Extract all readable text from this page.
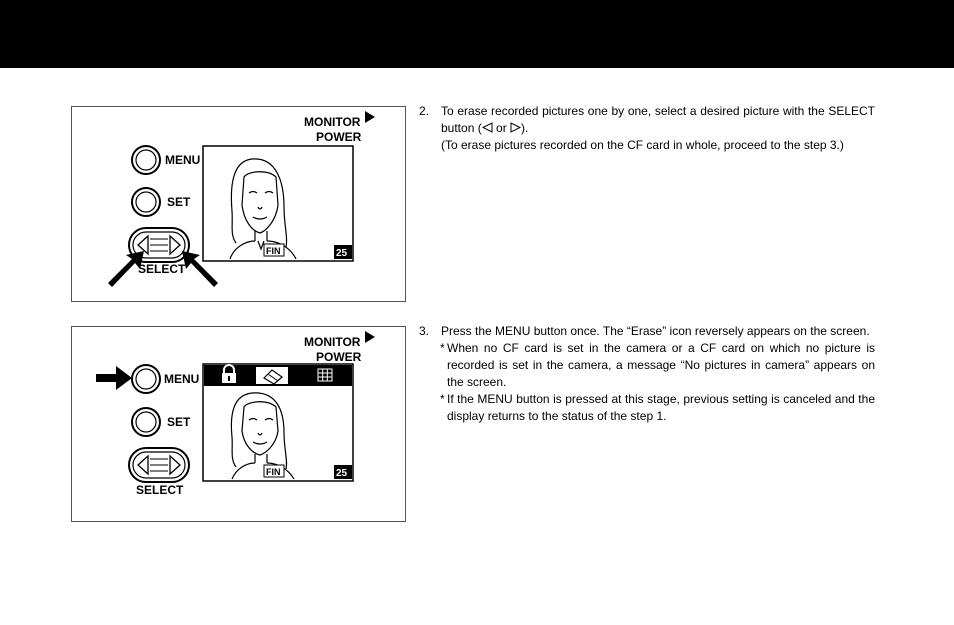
MONITOR
POWER
FIN	25
MENU
SET
SELECT
MONITOR
POWER
FIN	25
MENU
SET
SELECT
2. To erase recorded pictures one by one, select a desired picture with the SELECT button ( or ).

(To erase pictures recorded on the CF card in whole, proceed to the step 3.)

3. Press the MENU button once. The “Erase” icon reversely appears on the screen.

* When no CF card is set in the camera or a CF card on which no picture is recorded is set in the camera, a message “No pictures in camera” appears on the screen.

* If the MENU button is pressed at this stage, previous setting is canceled and the display returns to the status of the step 1.
